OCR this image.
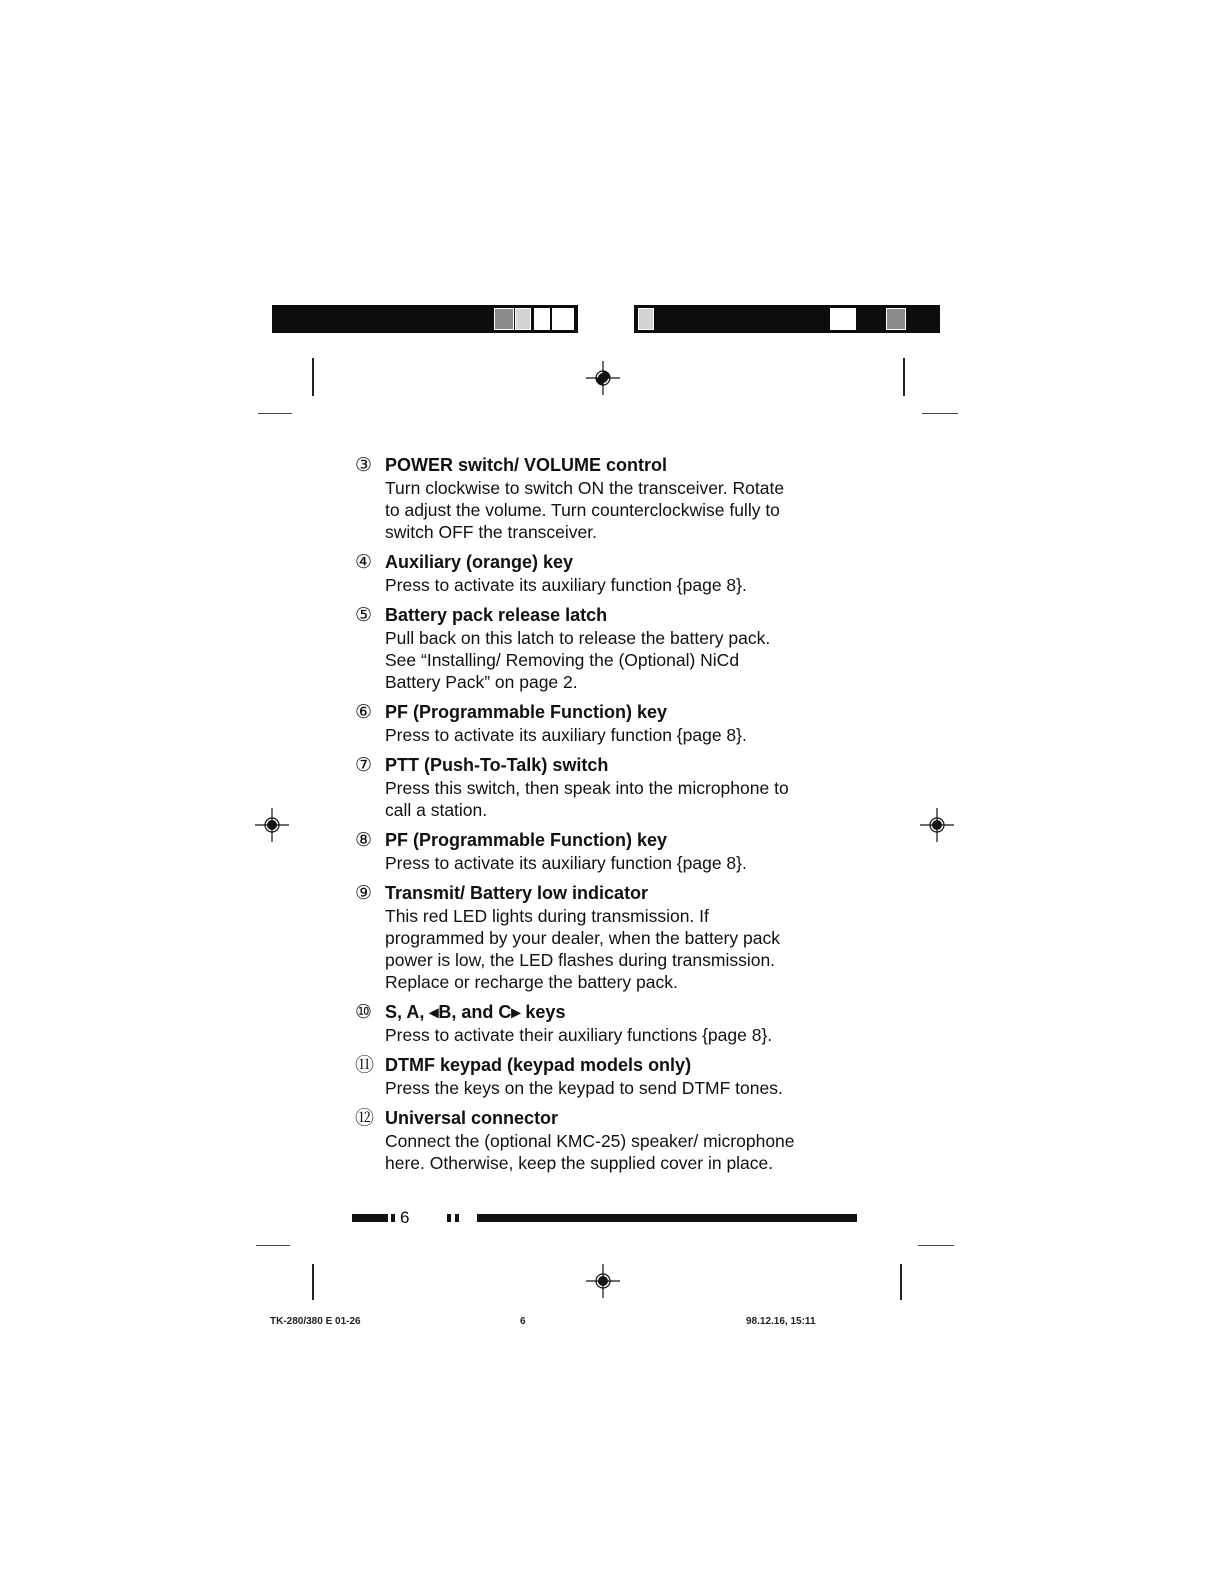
③ POWER switch/ VOLUME control
Turn clockwise to switch ON the transceiver. Rotate
to adjust the volume. Turn counterclockwise fully to
switch OFF the transceiver.
④ Auxiliary (orange) key
Press to activate its auxiliary function {page 8}.
⑤ Battery pack release latch
Pull back on this latch to release the battery pack.
See “Installing/ Removing the (Optional) NiCd
Battery Pack” on page 2.
⑥ PF (Programmable Function) key
Press to activate its auxiliary function {page 8}.
⑦ PTT (Push-To-Talk) switch
Press this switch, then speak into the microphone to
call a station.
⑧ PF (Programmable Function) key
Press to activate its auxiliary function {page 8}.
⑨ Transmit/ Battery low indicator
This red LED lights during transmission. If
programmed by your dealer, when the battery pack
power is low, the LED flashes during transmission.
Replace or recharge the battery pack.
⑩ S, A, ◂B, and C▸ keys
Press to activate their auxiliary functions {page 8}.
⑪ DTMF keypad (keypad models only)
Press the keys on the keypad to send DTMF tones.
⑫ Universal connector
Connect the (optional KMC-25) speaker/ microphone
here. Otherwise, keep the supplied cover in place.
6
TK-280/380 E 01-26	6	98.12.16, 15:11
